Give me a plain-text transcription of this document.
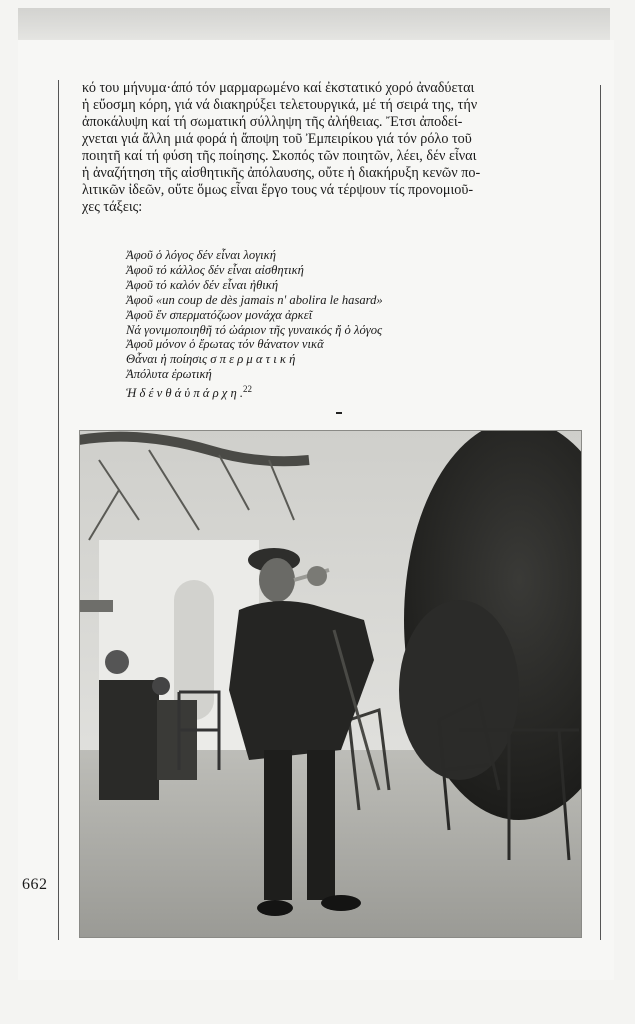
κό του μήνυμα·άπό τόν μαρμαρωμένο καί ἐκστατικό χορό ἀναδύεται
ἡ εὔοσμη κόρη, γιά νά διακηρύξει τελετουργικά, μέ τή σειρά της, τήν
ἀποκάλυψη καί τή σωματική σύλληψη τῆς ἀλήθειας. Ἔτσι ἀποδεί-
χνεται γιά ἄλλη μιά φορά ἡ ἄποψη τοῦ Ἐμπειρίκου γιά τόν ρόλο τοῦ
ποιητῆ καί τή φύση τῆς ποίησης. Σκοπός τῶν ποιητῶν, λέει, δέν εἶναι
ἡ ἀναζήτηση τῆς αἰσθητικῆς ἀπόλαυσης, οὔτε ἡ διακήρυξη κενῶν πο-
λιτικῶν ἰδεῶν, οὔτε ὅμως εἶναι ἔργο τους νά τέρψουν τίς προνομιοῦ-
χες τάξεις:
Ἀφοῦ ὁ λόγος δέν εἶναι λογική
Ἀφοῦ τό κάλλος δέν εἶναι αἰσθητική
Ἀφοῦ τό καλόν δέν εἶναι ἠθική
Ἀφοῦ «un coup de dès jamais n' abolira le hasard»
Ἀφοῦ ἕν σπερματόζωον μονάχα ἀρκεῖ
Νά γονιμοποιηθῆ τό ὠάριον τῆς γυναικός ἤ ὁ λόγος
Ἀφοῦ μόνον ὁ ἔρωτας τόν θάνατον νικᾶ
Θἆναι ἡ ποίησις σ π ε ρ μ α τ ι κ ή
Ἀπόλυτα ἐρωτική
Ἡ δ έ ν θ ά ὑ π ά ρ χ η .$^{22}$
662
